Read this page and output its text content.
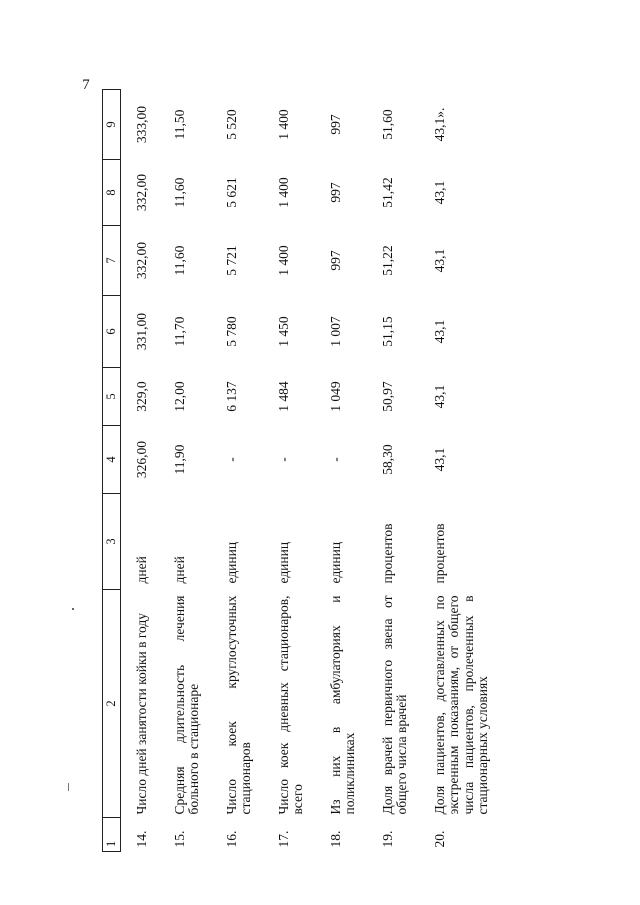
7
1	2	3	4	5	6	7	8	9
14.	Число дней занятости койки в году	дней	326,00	329,0	331,00	332,00	332,00	333,00
15.	Средняя длительность лечения больного в стационаре	дней	11,90	12,00	11,70	11,60	11,60	11,50
16.	Число коек круглосуточных стационаров	единиц	-	6 137	5 780	5 721	5 621	5 520
17.	Число коек дневных стационаров, всего	единиц	-	1 484	1 450	1 400	1 400	1 400
18.	Из них в амбулаториях и поликлиниках	единиц	-	1 049	1 007	997	997	997
19.	Доля врачей первичного звена от общего числа врачей	процентов	58,30	50,97	51,15	51,22	51,42	51,60
20.	Доля пациентов, доставленных по экстренным показаниям, от общего числа пациентов, пролеченных в стационарных условиях	процентов	43,1	43,1	43,1	43,1	43,1	43,1».
